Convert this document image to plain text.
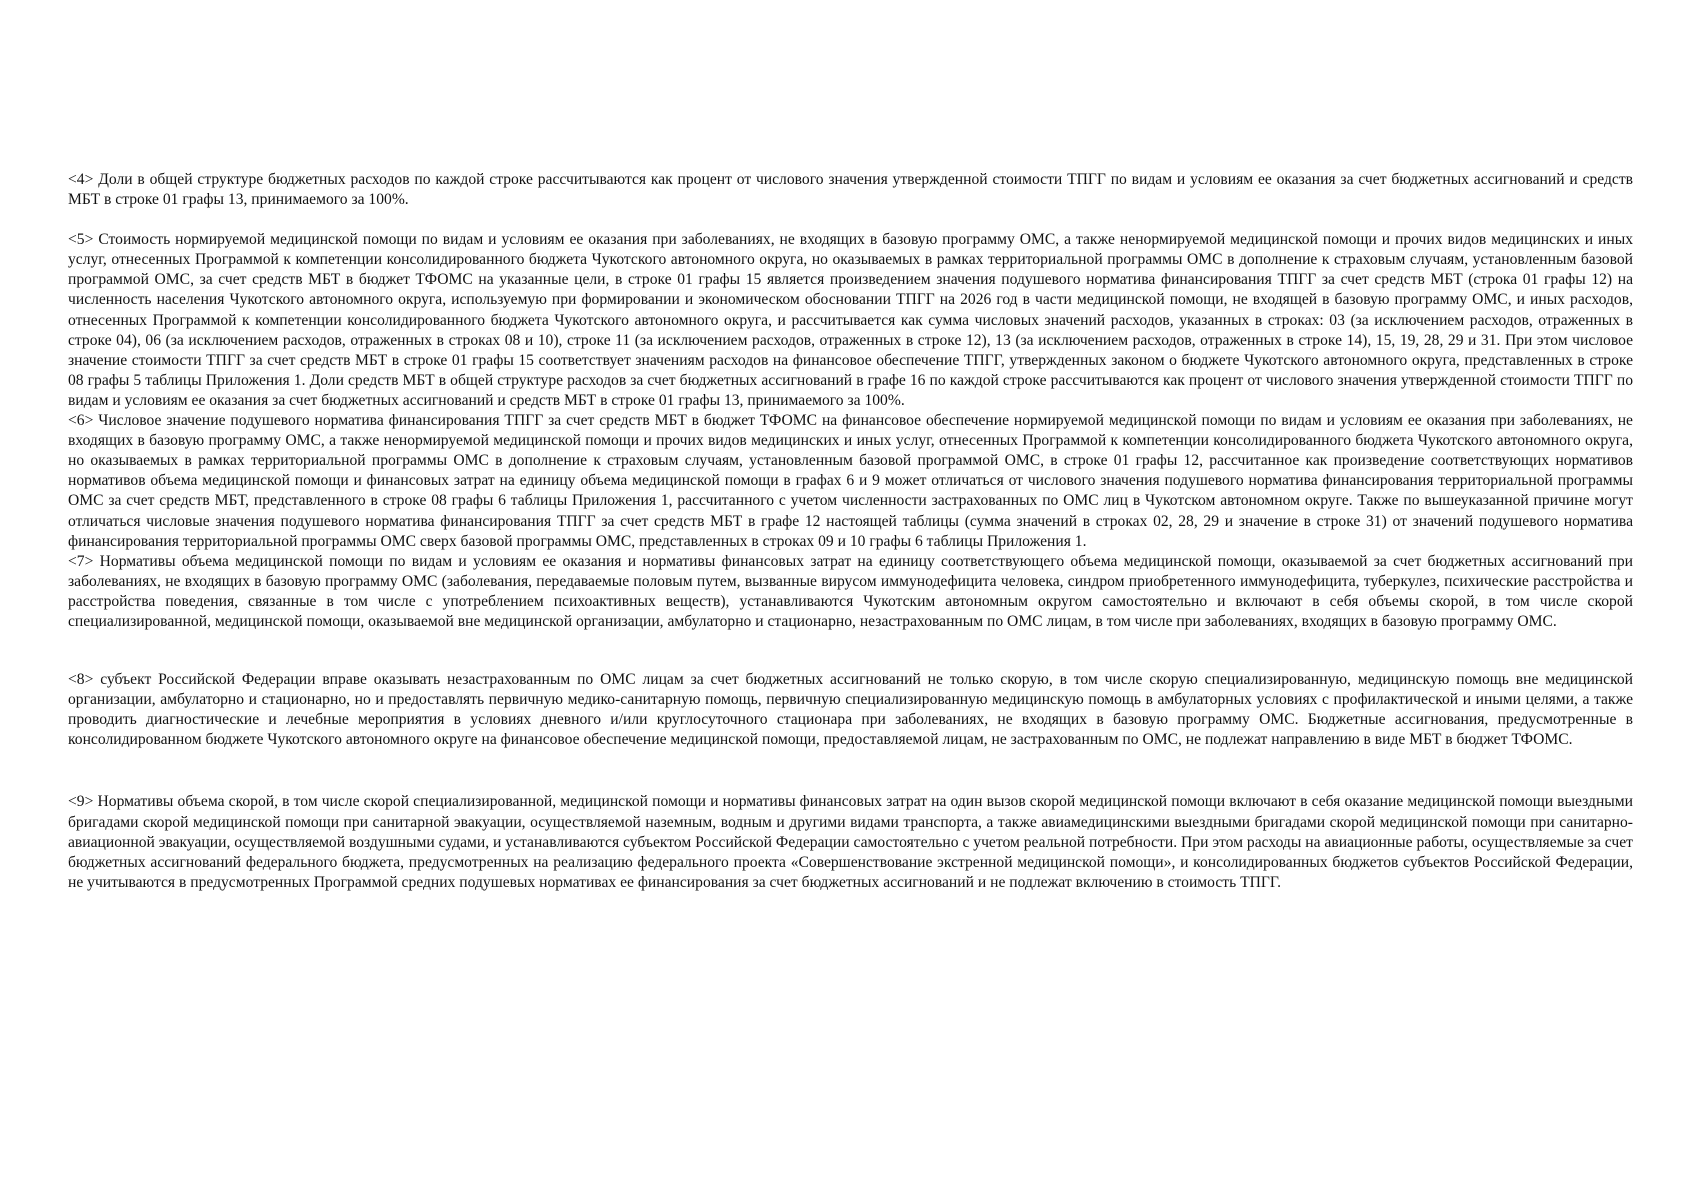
<4> Доли в общей структуре бюджетных расходов по каждой строке рассчитываются как процент от числового значения утвержденной стоимости ТПГГ по видам и условиям ее оказания за счет бюджетных ассигнований и средств МБТ в строке 01 графы 13, принимаемого за 100%.

<5> Стоимость нормируемой медицинской помощи по видам и условиям ее оказания при заболеваниях, не входящих в базовую программу ОМС, а также ненормируемой медицинской помощи и прочих видов медицинских и иных услуг, отнесенных Программой к компетенции консолидированного бюджета Чукотского автономного округа, но оказываемых в рамках территориальной программы ОМС в дополнение к страховым случаям, установленным базовой программой ОМС, за счет средств МБТ в бюджет ТФОМС на указанные цели, в строке 01 графы 15 является произведением значения подушевого норматива финансирования ТПГГ за счет средств МБТ (строка 01 графы 12) на численность населения Чукотского автономного округа, используемую при формировании и экономическом обосновании ТПГГ на 2026 год в части медицинской помощи, не входящей в базовую программу ОМС, и иных расходов, отнесенных Программой к компетенции консолидированного бюджета Чукотского автономного округа, и рассчитывается как сумма числовых значений расходов, указанных в строках: 03 (за исключением расходов, отраженных в строке 04), 06 (за исключением расходов, отраженных в строках 08 и 10), строке 11 (за исключением расходов, отраженных в строке 12), 13 (за исключением расходов, отраженных в строке 14), 15, 19, 28, 29 и 31. При этом числовое значение стоимости ТПГГ за счет средств МБТ в строке 01 графы 15 соответствует значениям расходов на финансовое обеспечение ТПГГ, утвержденных законом о бюджете Чукотского автономного округа, представленных в строке 08 графы 5 таблицы Приложения 1. Доли средств МБТ в общей структуре расходов за счет бюджетных ассигнований в графе 16 по каждой строке рассчитываются как процент от числового значения утвержденной стоимости ТПГГ по видам и условиям ее оказания за счет бюджетных ассигнований и средств МБТ в строке 01 графы 13, принимаемого за 100%.

<6> Числовое значение подушевого норматива финансирования ТПГГ за счет средств МБТ в бюджет ТФОМС на финансовое обеспечение нормируемой медицинской помощи по видам и условиям ее оказания при заболеваниях, не входящих в базовую программу ОМС, а также ненормируемой медицинской помощи и прочих видов медицинских и иных услуг, отнесенных Программой к компетенции консолидированного бюджета Чукотского автономного округа, но оказываемых в рамках территориальной программы ОМС в дополнение к страховым случаям, установленным базовой программой ОМС, в строке 01 графы 12, рассчитанное как произведение соответствующих нормативов нормативов объема медицинской помощи и финансовых затрат на единицу объема медицинской помощи в графах 6 и 9 может отличаться от числового значения подушевого норматива финансирования территориальной программы ОМС за счет средств МБТ, представленного в строке 08 графы 6 таблицы Приложения 1, рассчитанного с учетом численности застрахованных по ОМС лиц в Чукотском автономном округе. Также по вышеуказанной причине могут отличаться числовые значения подушевого норматива финансирования ТПГГ за счет средств МБТ в графе 12 настоящей таблицы (сумма значений в строках 02, 28, 29 и значение в строке 31) от значений подушевого норматива финансирования территориальной программы ОМС сверх базовой программы ОМС, представленных в строках 09 и 10 графы 6 таблицы Приложения 1.

<7> Нормативы объема медицинской помощи по видам и условиям ее оказания и нормативы финансовых затрат на единицу соответствующего объема медицинской помощи, оказываемой за счет бюджетных ассигнований при заболеваниях, не входящих в базовую программу ОМС (заболевания, передаваемые половым путем, вызванные вирусом иммунодефицита человека, синдром приобретенного иммунодефицита, туберкулез, психические расстройства и расстройства поведения, связанные в том числе с употреблением психоактивных веществ), устанавливаются Чукотским автономным округом самостоятельно и включают в себя объемы скорой, в том числе скорой специализированной, медицинской помощи, оказываемой вне медицинской организации, амбулаторно и стационарно, незастрахованным по ОМС лицам, в том числе при заболеваниях, входящих в базовую программу ОМС.

<8> субъект Российской Федерации вправе оказывать незастрахованным по ОМС лицам за счет бюджетных ассигнований не только скорую, в том числе скорую специализированную, медицинскую помощь вне медицинской организации, амбулаторно и стационарно, но и предоставлять первичную медико-санитарную помощь, первичную специализированную медицинскую помощь в амбулаторных условиях с профилактической и иными целями, а также проводить диагностические и лечебные мероприятия в условиях дневного и/или круглосуточного стационара при заболеваниях, не входящих в базовую программу ОМС. Бюджетные ассигнования, предусмотренные в консолидированном бюджете Чукотского автономного округе на финансовое обеспечение медицинской помощи, предоставляемой лицам, не застрахованным по ОМС, не подлежат направлению в виде МБТ в бюджет ТФОМС.

<9> Нормативы объема скорой, в том числе скорой специализированной, медицинской помощи и нормативы финансовых затрат на один вызов скорой медицинской помощи включают в себя оказание медицинской помощи выездными бригадами скорой медицинской помощи при санитарной эвакуации, осуществляемой наземным, водным и другими видами транспорта, а также авиамедицинскими выездными бригадами скорой медицинской помощи при санитарно-авиационной эвакуации, осуществляемой воздушными судами, и устанавливаются субъектом Российской Федерации самостоятельно с учетом реальной потребности. При этом расходы на авиационные работы, осуществляемые за счет бюджетных ассигнований федерального бюджета, предусмотренных на реализацию федерального проекта «Совершенствование экстренной медицинской помощи», и консолидированных бюджетов субъектов Российской Федерации, не учитываются в предусмотренных Программой средних подушевых нормативах ее финансирования за счет бюджетных ассигнований и не подлежат включению в стоимость ТПГГ.
